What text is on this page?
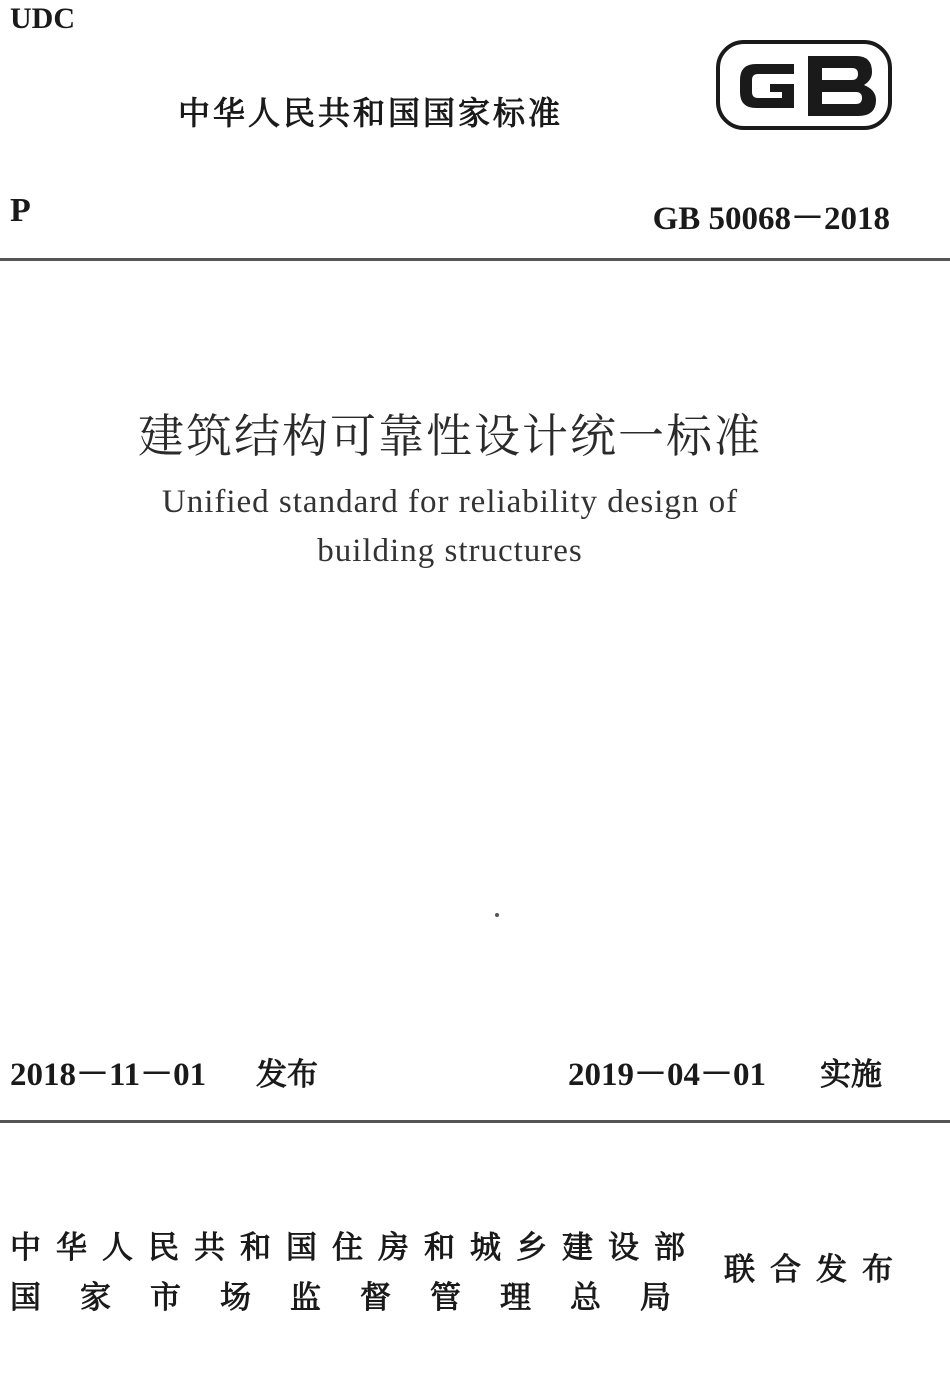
UDC
中华人民共和国国家标准
P	GB 50068－2018
建筑结构可靠性设计统一标准
Unified standard for reliability design of
building structures
2018－11－01 发布	2019－04－01 实施
中华人民共和国住房和城乡建设部
国家市场监督管理总局
联合发布
